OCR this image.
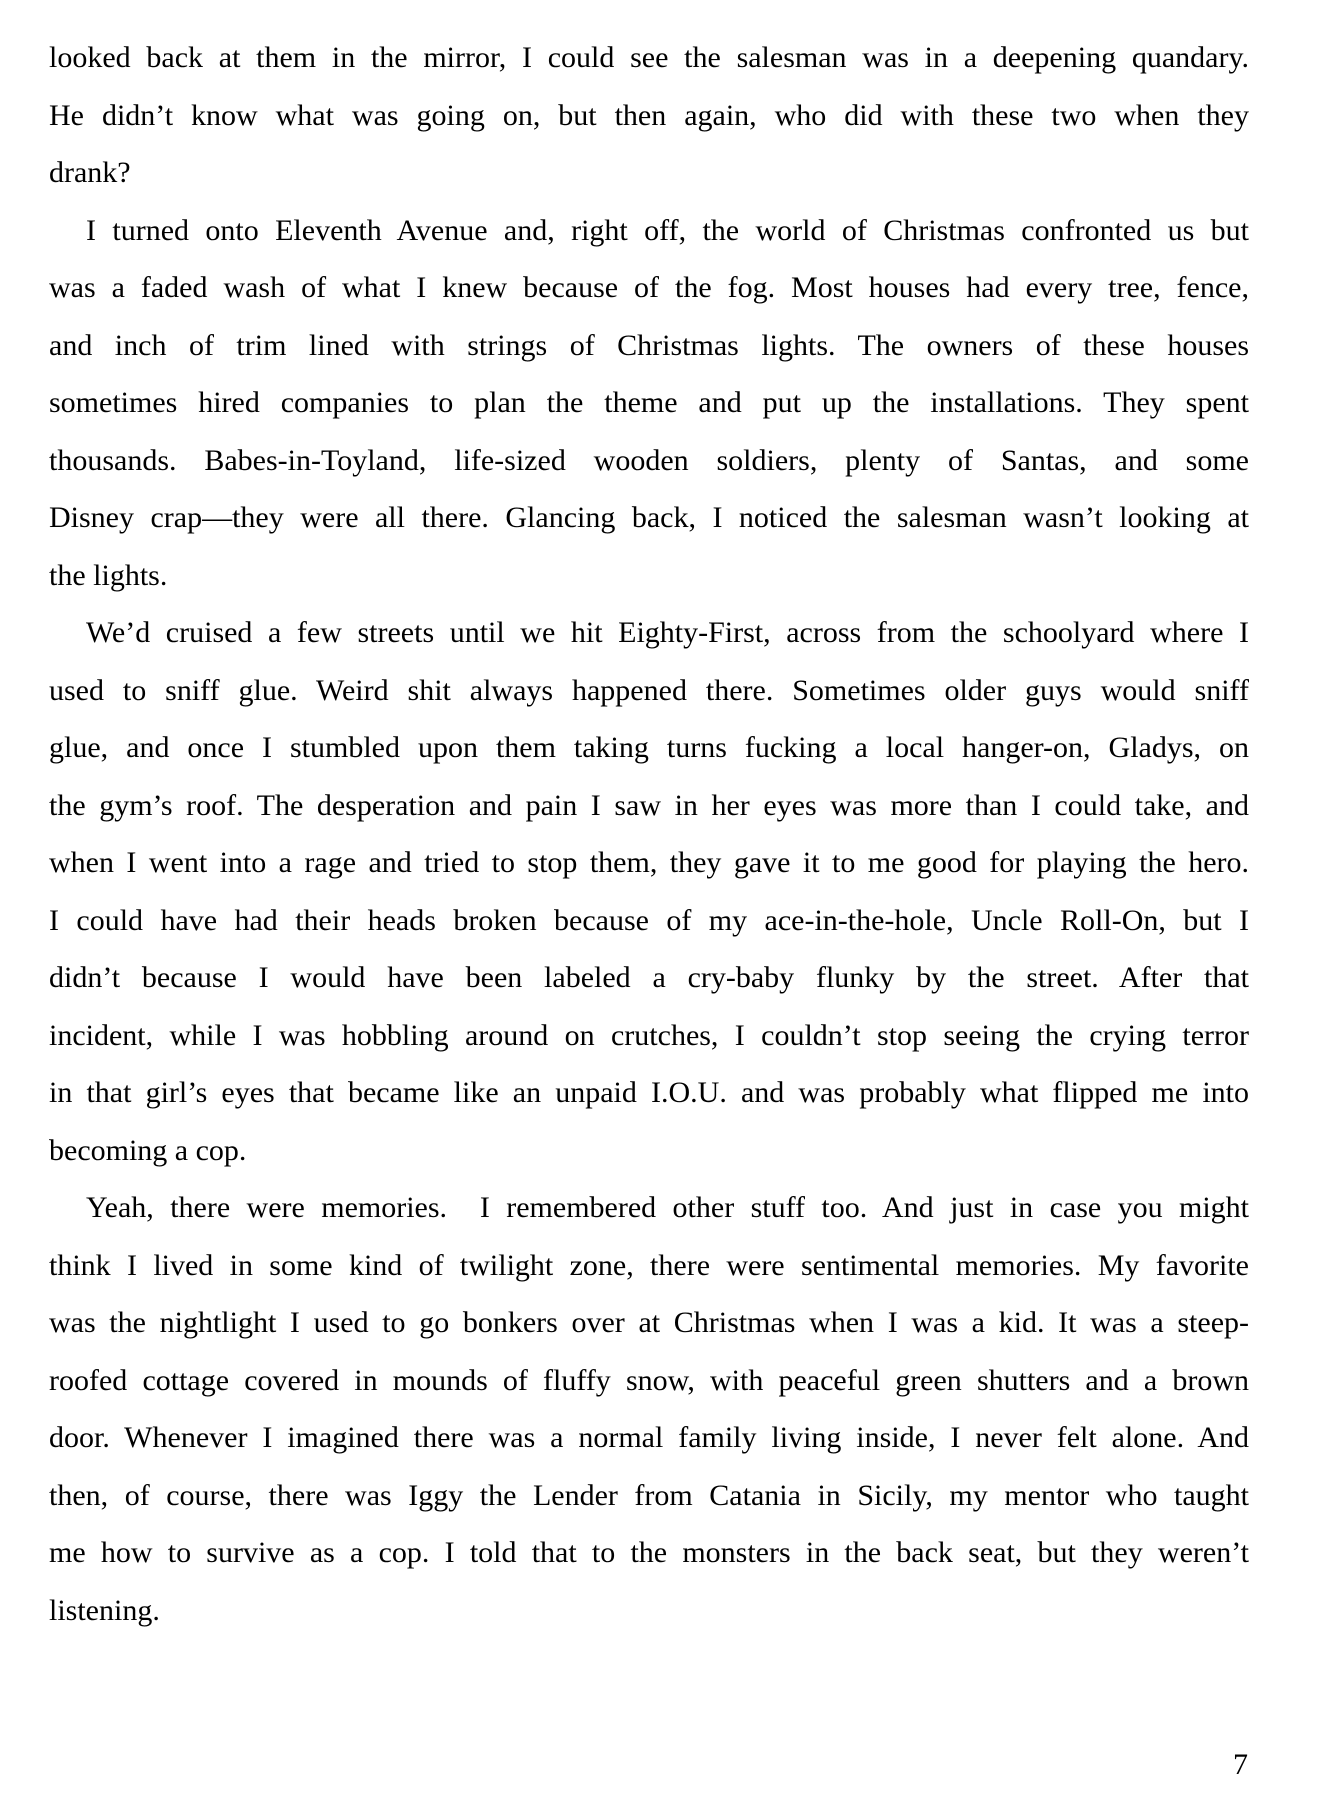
looked back at them in the mirror, I could see the salesman was in a deepening quandary.
He didn’t know what was going on, but then again, who did with these two when they
drank?

I turned onto Eleventh Avenue and, right off, the world of Christmas confronted us but
was a faded wash of what I knew because of the fog. Most houses had every tree, fence,
and inch of trim lined with strings of Christmas lights. The owners of these houses
sometimes hired companies to plan the theme and put up the installations. They spent
thousands. Babes-in-Toyland, life-sized wooden soldiers, plenty of Santas, and some
Disney crap—they were all there. Glancing back, I noticed the salesman wasn’t looking at
the lights.

We’d cruised a few streets until we hit Eighty-First, across from the schoolyard where I
used to sniff glue. Weird shit always happened there. Sometimes older guys would sniff
glue, and once I stumbled upon them taking turns fucking a local hanger-on, Gladys, on
the gym’s roof. The desperation and pain I saw in her eyes was more than I could take, and
when I went into a rage and tried to stop them, they gave it to me good for playing the hero.
I could have had their heads broken because of my ace-in-the-hole, Uncle Roll-On, but I
didn’t because I would have been labeled a cry-baby flunky by the street. After that
incident, while I was hobbling around on crutches, I couldn’t stop seeing the crying terror
in that girl’s eyes that became like an unpaid I.O.U. and was probably what flipped me into
becoming a cop.

Yeah, there were memories.  I remembered other stuff too. And just in case you might
think I lived in some kind of twilight zone, there were sentimental memories. My favorite
was the nightlight I used to go bonkers over at Christmas when I was a kid. It was a steep-
roofed cottage covered in mounds of fluffy snow, with peaceful green shutters and a brown
door. Whenever I imagined there was a normal family living inside, I never felt alone. And
then, of course, there was Iggy the Lender from Catania in Sicily, my mentor who taught
me how to survive as a cop. I told that to the monsters in the back seat, but they weren’t
listening.

7
